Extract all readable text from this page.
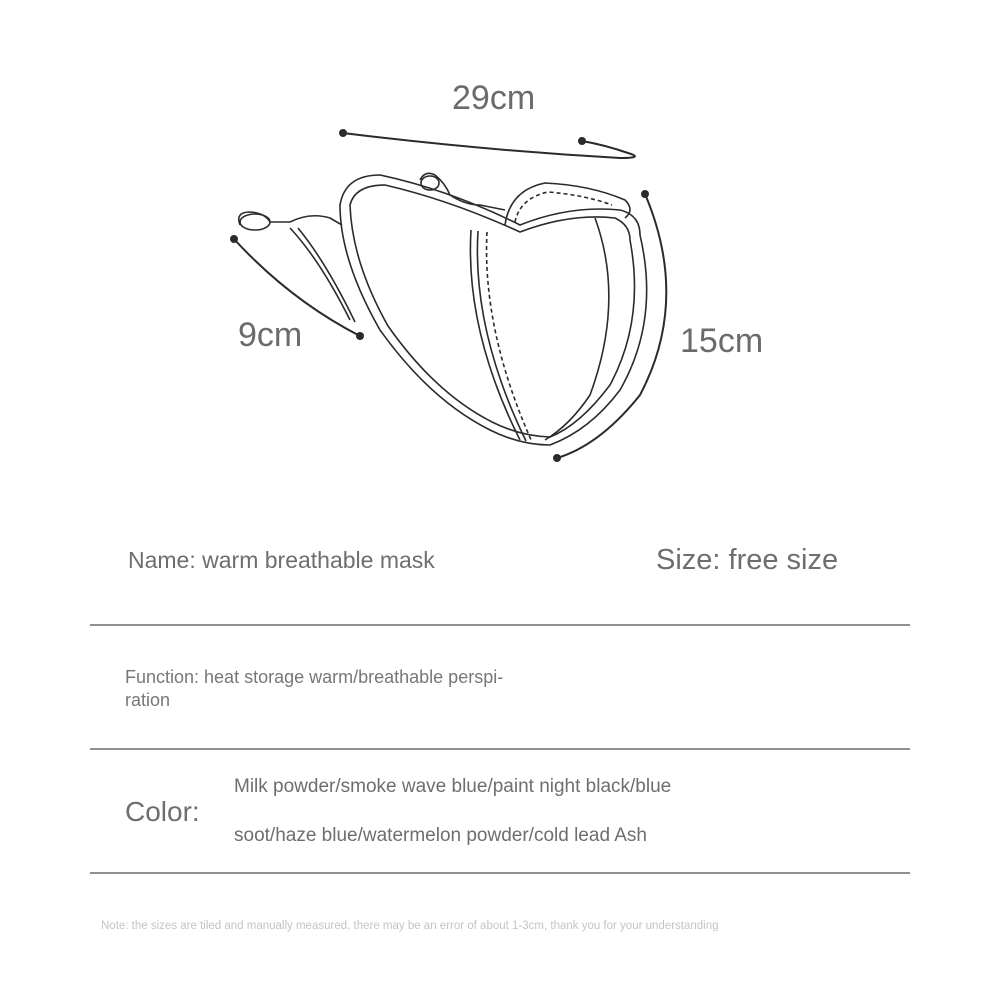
29cm
9cm	15cm
Name: warm breathable mask	Size: free size
Function: heat storage warm/breathable perspi-
ration
Color:
Milk powder/smoke wave blue/paint night black/blue
soot/haze blue/watermelon powder/cold lead Ash
Note: the sizes are tiled and manually measured, there may be an error of about 1-3cm, thank you for your understanding
